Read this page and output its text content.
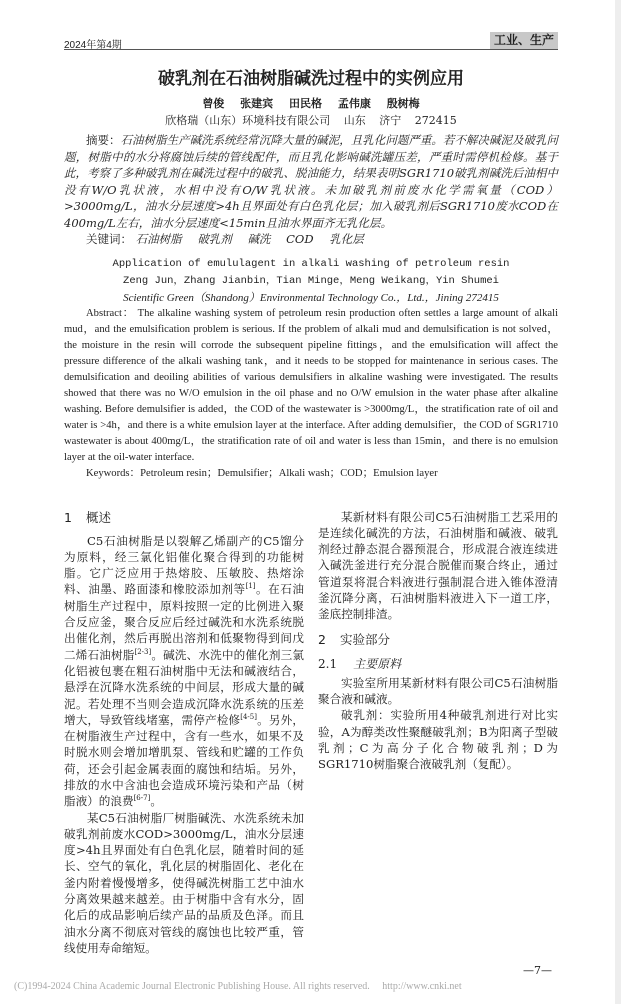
2024年第4期	工业、生产
破乳剂在石油树脂碱洗过程中的实例应用
曾俊 张建宾 田民格 孟伟康 殷树梅
欣格瑞（山东）环境科技有限公司 山东 济宁 272415
摘要：石油树脂生产碱洗系统经常沉降大量的碱泥，且乳化问题严重。若不解决碱泥及破乳问题，树脂中的水分将腐蚀后续的管线配件，而且乳化影响碱洗罐压差，严重时需停机检修。基于此，考察了多种破乳剂在碱洗过程中的破乳、脱油能力，结果表明SGR1710破乳剂碱洗后油相中没有W/O乳状液，水相中没有O/W乳状液。未加破乳剂前废水化学需氧量（COD）>3000mg/L，油水分层速度>4h且界面处有白色乳化层；加入破乳剂后SGR1710废水COD在400mg/L左右，油水分层速度<15min且油水界面齐无乳化层。
关键词： 石油树脂 破乳剂 碱洗 COD 乳化层
Application of emululagent in alkali washing of petroleum resin
Zeng Jun，Zhang Jianbin，Tian Minge，Meng Weikang，Yin Shumei
Scientific Green（Shandong）Environmental Technology Co.，Ltd.，Jining 272415
Abstract： The alkaline washing system of petroleum resin production often settles a large amount of alkali mud，and the emulsification problem is serious. If the problem of alkali mud and demulsification is not solved，the moisture in the resin will corrode the subsequent pipeline fittings，and the emulsification will affect the pressure difference of the alkali washing tank，and it needs to be stopped for maintenance in serious cases. The demulsification and deoiling abilities of various demulsifiers in alkaline washing were investigated. The results showed that there was no W/O emulsion in the oil phase and no O/W emulsion in the water phase after alkaline washing. Before demulsifier is added，the COD of the wastewater is >3000mg/L，the stratification rate of oil and water is >4h，and there is a white emulsion layer at the interface. After adding demulsifier，the COD of SGR1710 wastewater is about 400mg/L，the stratification rate of oil and water is less than 15min，and there is no emulsion layer at the oil-water interface.
Keywords：Petroleum resin；Demulsifier；Alkali wash；COD；Emulsion layer
1 概述

C5石油树脂是以裂解乙烯副产的C5馏分为原料，经三氯化铝催化聚合得到的功能树脂。它广泛应用于热熔胶、压敏胶、热熔涂料、油墨、路面漆和橡胶添加剂等[1]。在石油树脂生产过程中，原料按照一定的比例进入聚合反应釜，聚合反应后经过碱洗和水洗系统脱出催化剂，然后再脱出溶剂和低聚物得到间戊二烯石油树脂[2-3]。碱洗、水洗中的催化剂三氯化铝被包裹在粗石油树脂中无法和碱液结合，悬浮在沉降水洗系统的中间层，形成大量的碱泥。若处理不当则会造成沉降水洗系统的压差增大，导致管线堵塞，需停产检修[4-5]。另外，在树脂液生产过程中，含有一些水，如果不及时脱水则会增加增肌泵、管线和贮罐的工作负荷，还会引起金属表面的腐蚀和结垢。另外，排放的水中含油也会造成环境污染和产品（树脂液）的浪费[6-7]。

某C5石油树脂厂树脂碱洗、水洗系统未加破乳剂前废水COD>3000mg/L，油水分层速度>4h且界面处有白色乳化层，随着时间的延长、空气的氧化，乳化层的树脂固化、老化在釜内附着慢慢增多，使得碱洗树脂工艺中油水分离效果越来越差。由于树脂中含有水分，固化后的成品影响后续产品的品质及色泽。而且油水分离不彻底对管线的腐蚀也比较严重，管线使用寿命缩短。

某新材料有限公司C5石油树脂工艺采用的是连续化碱洗的方法，石油树脂和碱液、破乳剂经过静态混合器预混合，形成混合液连续进入碱洗釜进行充分混合脱催而聚合终止，通过管道泵将混合料液进行强制混合进入锥体澄清釜沉降分离，石油树脂料液进入下一道工序，釜底控制排渣。

2 实验部分
2.1 主要原料

实验室所用某新材料有限公司C5石油树脂聚合液和碱液。

破乳剂：实验所用4种破乳剂进行对比实验，A为醇类改性聚醚破乳剂；B为阳离子型破乳剂；C为高分子化合物破乳剂；D为SGR1710树脂聚合液破乳剂（复配）。

—7—
(C)1994-2024 China Academic Journal Electronic Publishing House. All rights reserved. http://www.cnki.net
